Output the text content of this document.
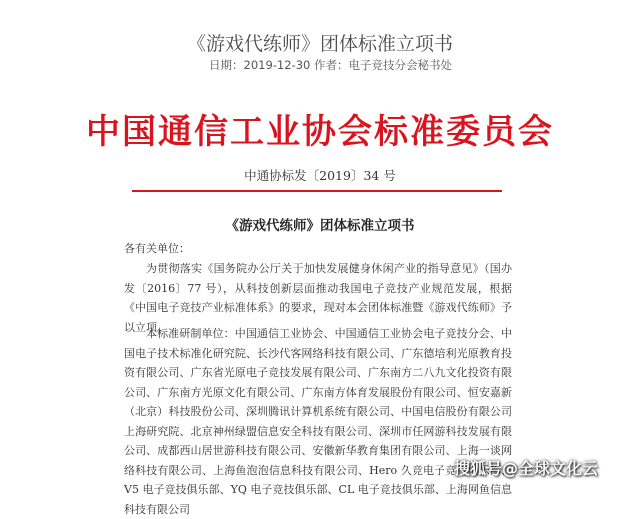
《游戏代练师》团体标准立项书
日期：2019-12-30 作者：电子竞技分会秘书处
中国通信工业协会标准委员会
中通协标发〔2019〕34 号
《游戏代练师》团体标准立项书
各有关单位：

为贯彻落实《国务院办公厅关于加快发展健身休闲产业的指导意见》（国办发〔2016〕77 号），从科技创新层面推动我国电子竞技产业规范发展，根据《中国电子竞技产业标准体系》的要求，现对本会团体标准暨《游戏代练师》予以立项。

本标准研制单位：中国通信工业协会、中国通信工业协会电子竞技分会、中国电子技术标准化研究院、长沙代客网络科技有限公司、广东德培利光原教育投资有限公司、广东省光原电子竞技发展有限公司、广东南方二八九文化投资有限公司、广东南方光原文化有限公司、广东南方体育发展股份有限公司、恒安嘉新（北京）科技股份公司、深圳腾讯计算机系统有限公司、中国电信股份有限公司上海研究院、北京神州绿盟信息安全科技有限公司、深圳市任网游科技发展有限公司、成都西山居世游科技有限公司、安徽新华教育集团有限公司、上海一谈网络科技有限公司、上海鱼泡泡信息科技有限公司、Hero 久竞电子竞技俱乐部、V5 电子竞技俱乐部、YQ 电子竞技俱乐部、CL 电子竞技俱乐部、上海网鱼信息科技有限公司

搜狐号@全球文化云
